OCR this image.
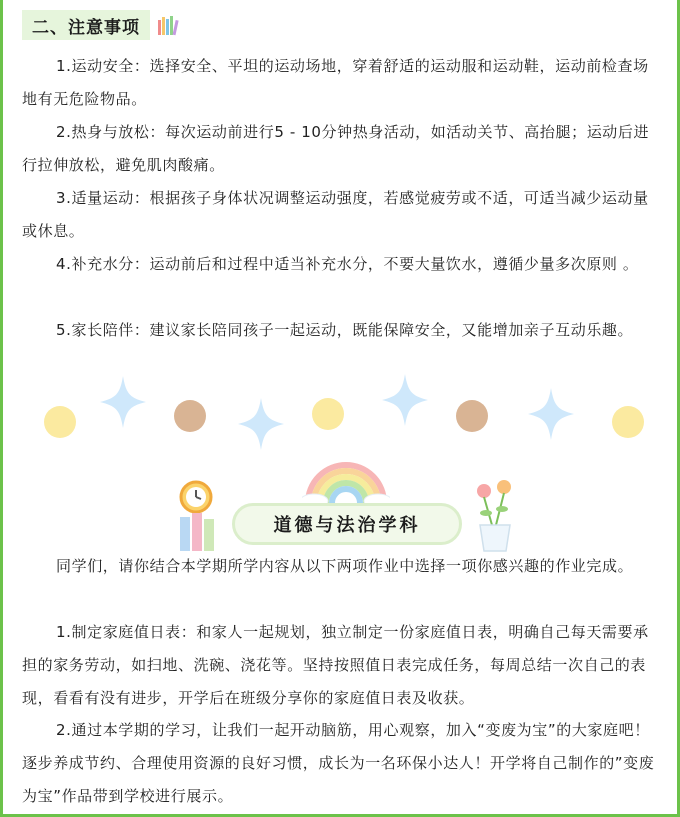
二、注意事项

1.运动安全：选择安全、平坦的运动场地，穿着舒适的运动服和运动鞋，运动前检查场地有无危险物品。

2.热身与放松：每次运动前进行5 - 10分钟热身活动，如活动关节、高抬腿；运动后进行拉伸放松，避免肌肉酸痛。

3.适量运动：根据孩子身体状况调整运动强度，若感觉疲劳或不适，可适当减少运动量或休息。

4.补充水分：运动前后和过程中适当补充水分，不要大量饮水，遵循少量多次原则 。

5.家长陪伴：建议家长陪同孩子一起运动，既能保障安全，又能增加亲子互动乐趣。

道德与法治学科

同学们，请你结合本学期所学内容从以下两项作业中选择一项你感兴趣的作业完成。

1.制定家庭值日表：和家人一起规划，独立制定一份家庭值日表，明确自己每天需要承担的家务劳动，如扫地、洗碗、浇花等。坚持按照值日表完成任务，每周总结一次自己的表现，看看有没有进步，开学后在班级分享你的家庭值日表及收获。

2.通过本学期的学习，让我们一起开动脑筋，用心观察，加入“变废为宝”的大家庭吧！逐步养成节约、合理使用资源的良好习惯，成长为一名环保小达人！开学将自己制作的”变废为宝”作品带到学校进行展示。
